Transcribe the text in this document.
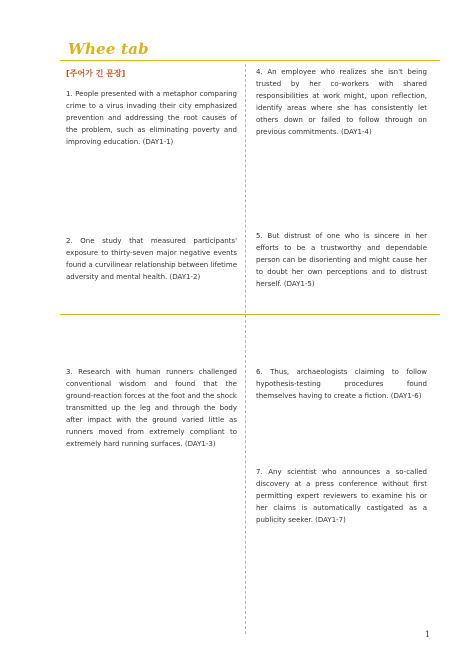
Whee tab
[주어가 긴 문장]

1. People presented with a metaphor comparing crime to a virus invading their city emphasized prevention and addressing the root causes of the problem, such as eliminating poverty and improving education. (DAY1-1)

2. One study that measured participants' exposure to thirty-seven major negative events found a curvilinear relationship between lifetime adversity and mental health. (DAY1-2)

3. Research with human runners challenged conventional wisdom and found that the ground-reaction forces at the foot and the shock transmitted up the leg and through the body after impact with the ground varied little as runners moved from extremely compliant to extremely hard running surfaces. (DAY1-3)

4. An employee who realizes she isn't being trusted by her co-workers with shared responsibilities at work might, upon reflection, identify areas where she has consistently let others down or failed to follow through on previous commitments. (DAY1-4)

5. But distrust of one who is sincere in her efforts to be a trustworthy and dependable person can be disorienting and might cause her to doubt her own perceptions and to distrust herself. (DAY1-5)

6. Thus, archaeologists claiming to follow hypothesis-testing procedures found themselves having to create a fiction. (DAY1-6)

7. Any scientist who announces a so-called discovery at a press conference without first permitting expert reviewers to examine his or her claims is automatically castigated as a publicity seeker. (DAY1-7)

1
